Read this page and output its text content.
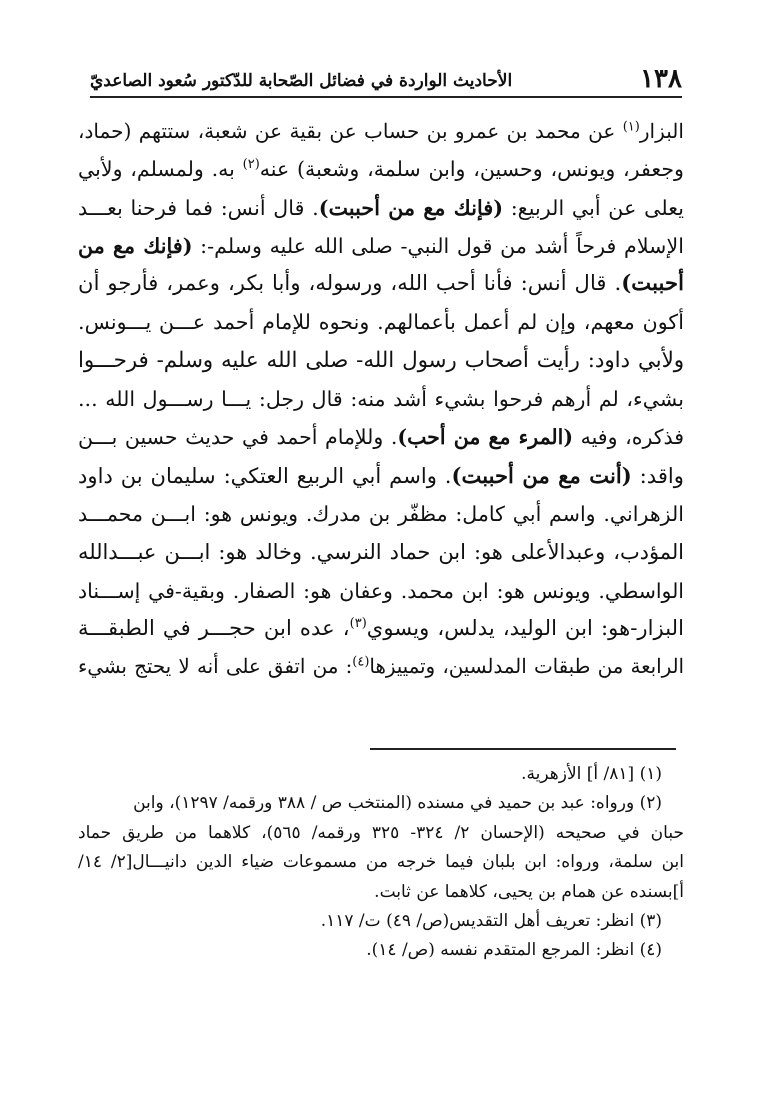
١٣٨
الأحاديث الواردة في فضائل الصّحابة للدّكتور سُعود الصاعديّ
البزار$^{(١)}$ عن محمد بن عمرو بن حساب عن بقية عن شعبة، ستتهم (حماد،
وجعفر، ويونس، وحسين، وابن سلمة، وشعبة) عنه$^{(٢)}$ به. ولمسلم، ولأبي
يعلى عن أبي الربيع: (فإنك مع من أحببت). قال أنس: فما فرحنا بعـــد
الإسلام فرحاً أشد من قول النبي- صلى الله عليه وسلم-: (فإنك مع من
أحببت). قال أنس: فأنا أحب الله، ورسوله، وأبا بكر، وعمر، فأرجو أن
أكون معهم، وإن لم أعمل بأعمالهم. ونحوه للإمام أحمد عـــن يـــونس.
ولأبي داود: رأيت أصحاب رسول الله- صلى الله عليه وسلم- فرحـــوا
بشيء، لم أرهم فرحوا بشيء أشد منه: قال رجل: يـــا رســـول الله ...
فذكره، وفيه (المرء مع من أحب). وللإمام أحمد في حديث حسين بـــن
واقد: (أنت مع من أحببت). واسم أبي الربيع العتكي: سليمان بن داود
الزهراني. واسم أبي كامل: مظفّر بن مدرك. ويونس هو: ابـــن محمـــد
المؤدب، وعبدالأعلى هو: ابن حماد النرسي. وخالد هو: ابـــن عبـــدالله
الواسطي. ويونس هو: ابن محمد. وعفان هو: الصفار. وبقية-في إســـناد
البزار-هو: ابن الوليد، يدلس، ويسوي$^{(٣)}$، عده ابن حجـــر في الطبقـــة
الرابعة من طبقات المدلسين، وتمييزها$^{(٤)}$: من اتفق على أنه لا يحتج بشيء
(١) [٨١/ أ] الأزهرية.
(٢) ورواه: عبد بن حميد في مسنده (المنتخب ص / ٣٨٨ ورقمه/ ١٢٩٧)، وابن
حبان في صحيحه (الإحسان ٢/ ٣٢٤- ٣٢٥ ورقمه/ ٥٦٥)، كلاهما من طريق حماد
ابن سلمة، ورواه: ابن بلبان فيما خرجه من مسموعات ضياء الدين دانيـــال[٢/ ١٤/
أ]بسنده عن همام بن يحيى، كلاهما عن ثابت.
(٣) انظر: تعريف أهل التقديس(ص/ ٤٩) ت/ ١١٧.
(٤) انظر: المرجع المتقدم نفسه (ص/ ١٤).
